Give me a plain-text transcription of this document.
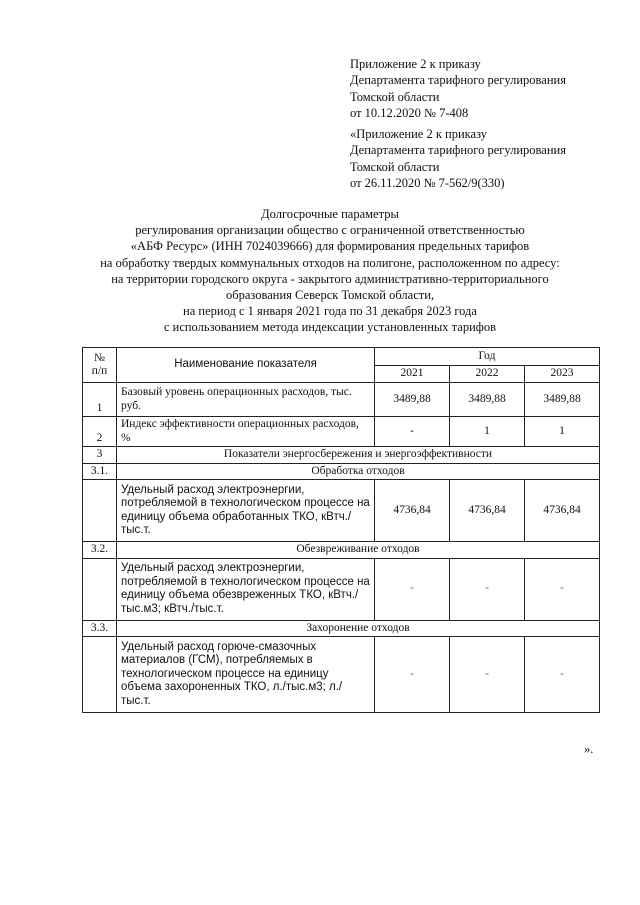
Приложение 2 к приказу
Департамента тарифного регулирования
Томской области
от 10.12.2020 № 7-408
«Приложение 2 к приказу
Департамента тарифного регулирования
Томской области
от 26.11.2020 № 7-562/9(330)
Долгосрочные параметры
регулирования организации общество с ограниченной ответственностью
«АБФ Ресурс» (ИНН 7024039666) для формирования предельных тарифов
на обработку твердых коммунальных отходов на полигоне, расположенном по адресу:
на территории городского округа - закрытого административно-территориального
образования Северск Томской области,
на период с 1 января 2021 года по 31 декабря 2023 года
с использованием метода индексации установленных тарифов
№
п/п	Наименование показателя	Год		
		2021	2022	2023
1	Базовый уровень операционных расходов, тыс. руб.	3489,88	3489,88	3489,88
2	Индекс эффективности операционных расходов, %	-	1	1
3	Показатели энергосбережения и энергоэффективности			
3.1.	Обработка отходов			
	Удельный расход электроэнергии, потребляемой в технологическом процессе на единицу объема обработанных ТКО, кВтч./тыс.т.	4736,84	4736,84	4736,84
3.2.	Обезвреживание отходов			
	Удельный расход электроэнергии, потребляемой в технологическом процессе на единицу объема обезвреженных ТКО, кВтч./тыс.м3; кВтч./тыс.т.	-	-	-
3.3.	Захоронение отходов			
	Удельный расход горюче-смазочных материалов (ГСМ), потребляемых в технологическом процессе на единицу объема захороненных ТКО, л./тыс.м3; л./тыс.т.	-	-	-
».
